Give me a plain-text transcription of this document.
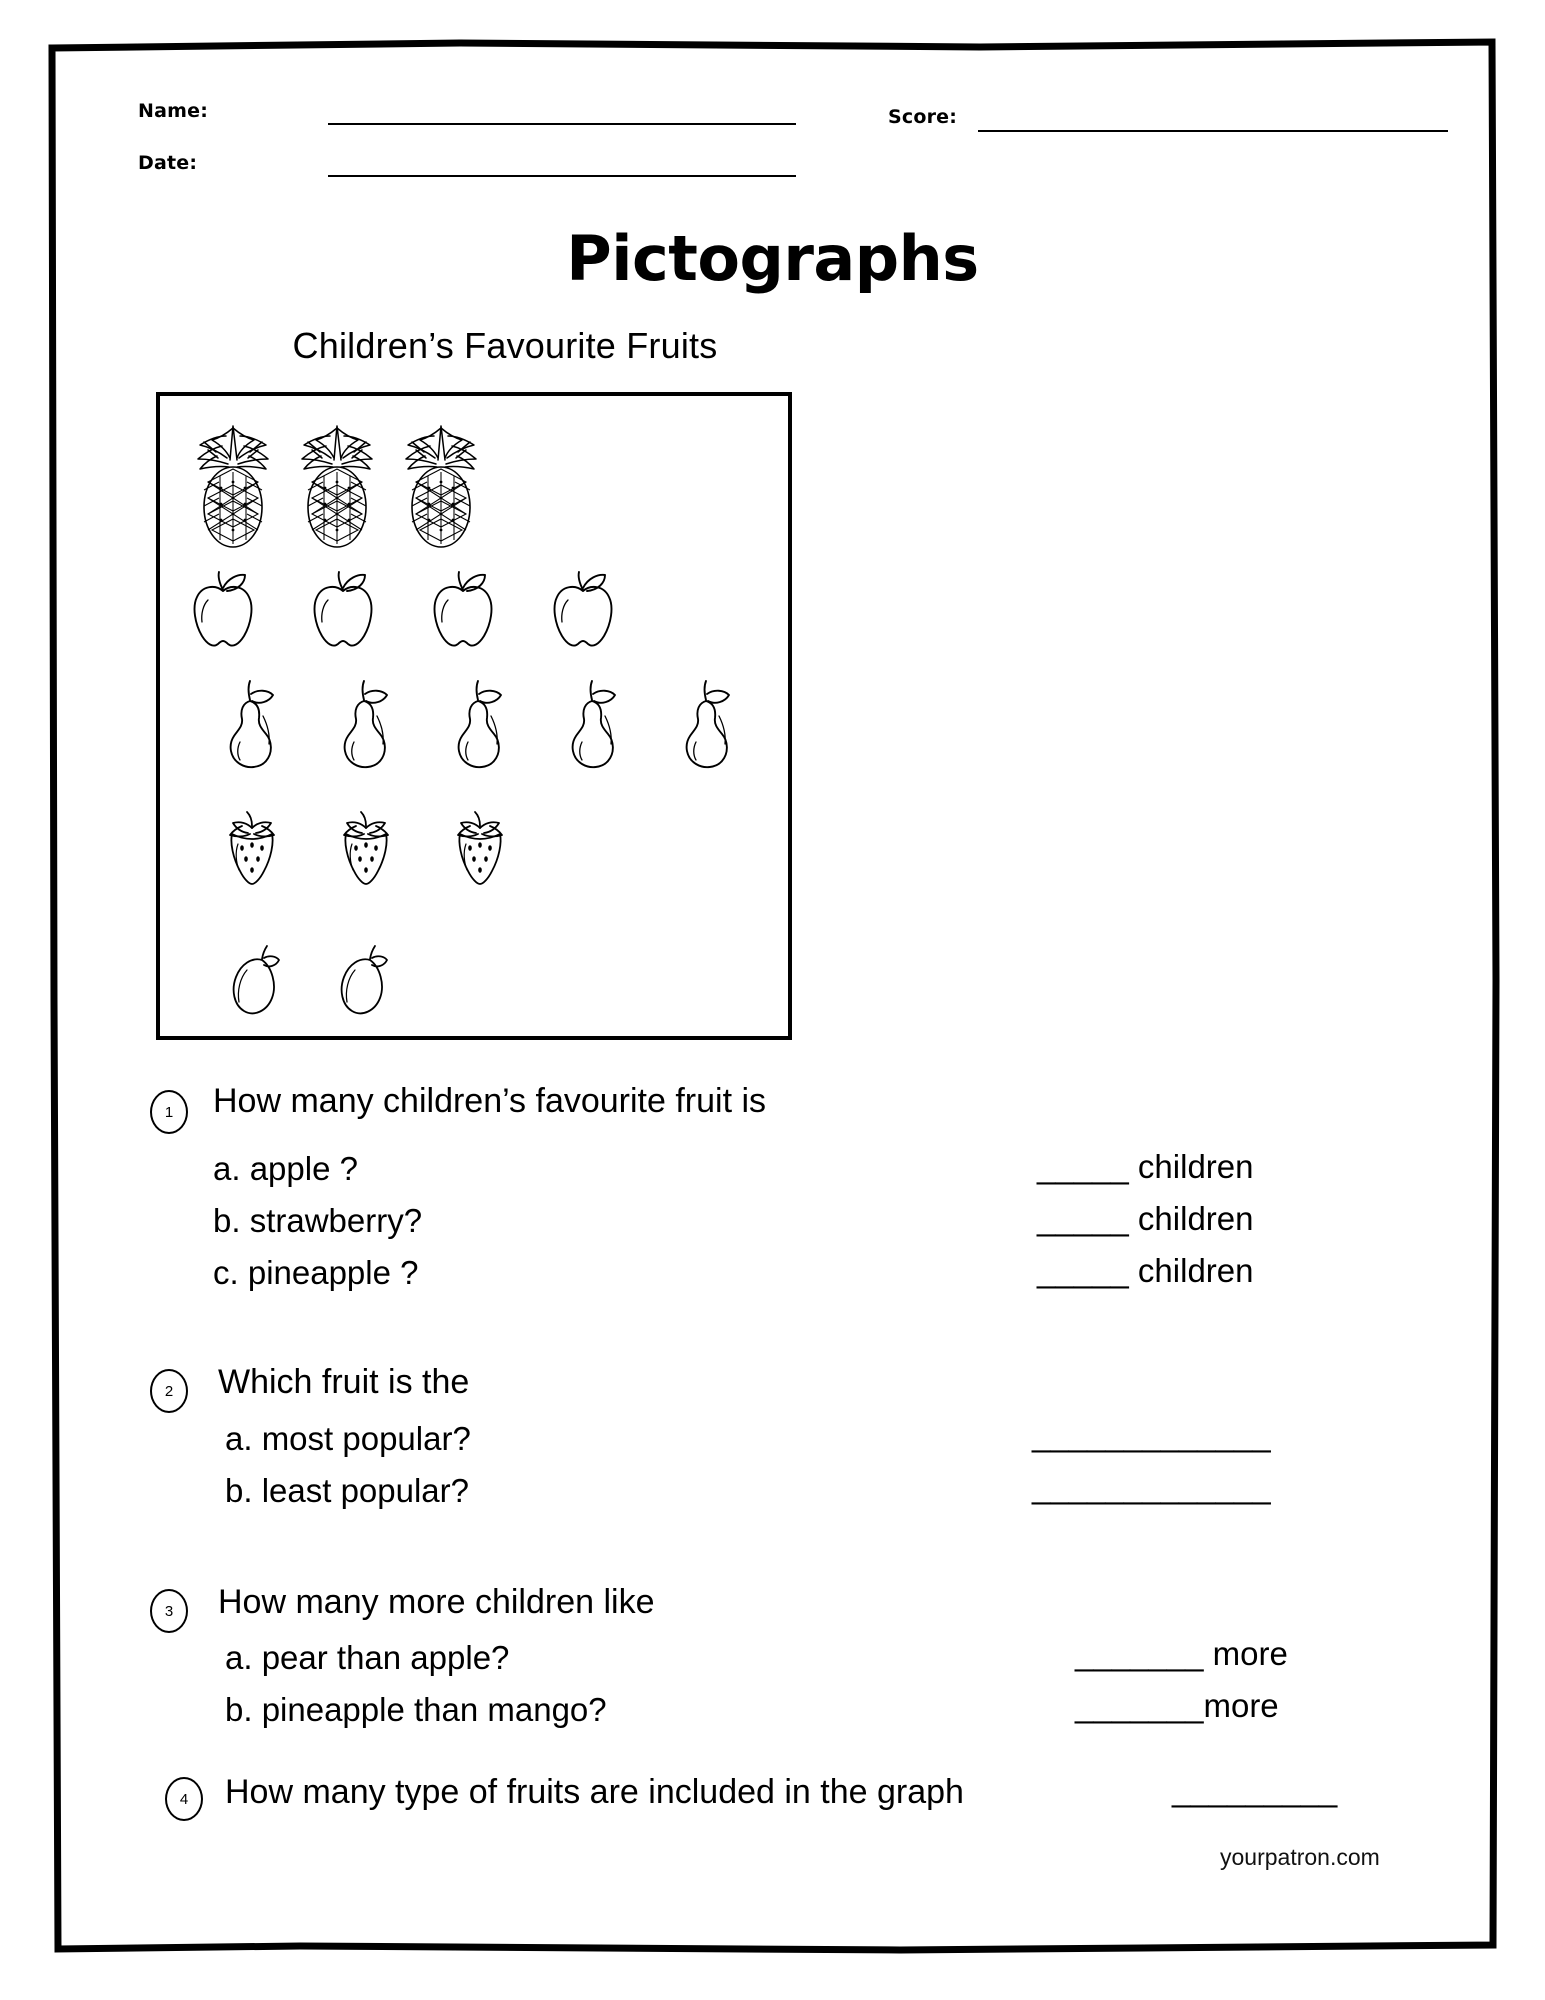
Name:
Date:
Score:
Pictographs
Children’s Favourite Fruits
1	How many children’s favourite fruit is
a. apple ?
b. strawberry?
c. pineapple ?
_____ children
_____ children
_____ children
2	Which fruit is the
a. most popular?
b. least popular?
_____________
_____________
3	How many more children like
a. pear than apple?
b. pineapple than mango?
_______ more
_______more
4	How many type of fruits are included in the graph	_________
yourpatron.com
